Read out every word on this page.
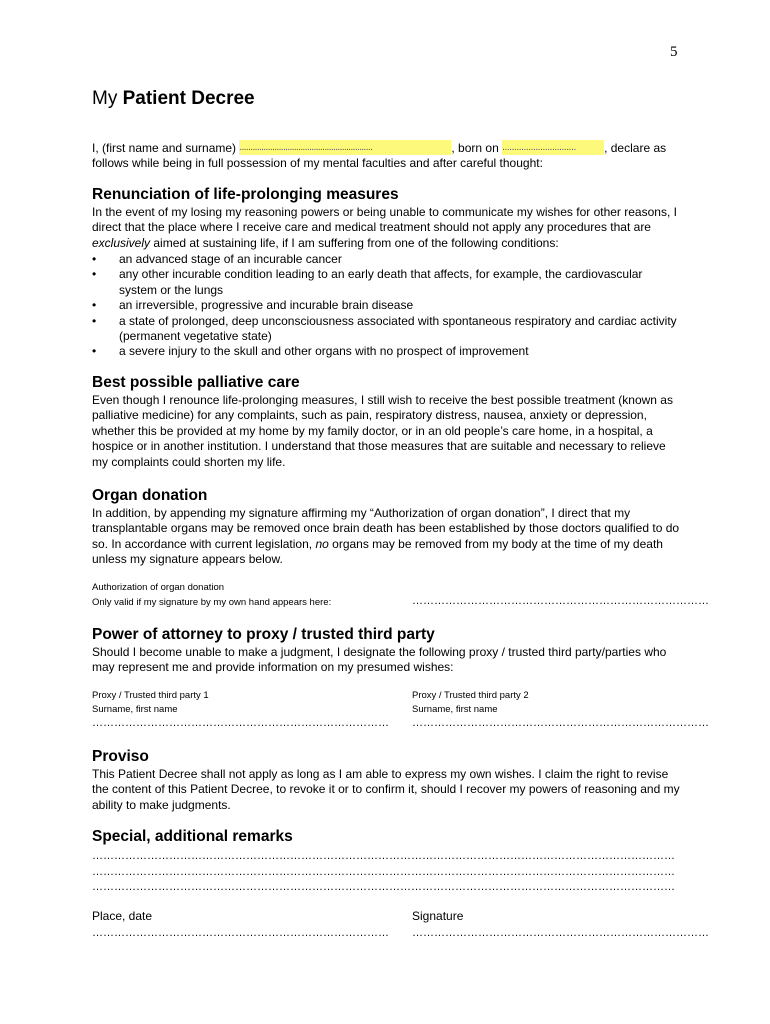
5
My Patient Decree
I, (first name and surname) .............................................................	, born on ............................... , declare as
follows while being in full possession of my mental faculties and after careful thought:
Renunciation of life-prolonging measures
In the event of my losing my reasoning powers or being unable to communicate my wishes for other reasons, I
direct that the place where I receive care and medical treatment should not apply any procedures that are
exclusively aimed at sustaining life, if I am suffering from one of the following conditions:
• an advanced stage of an incurable cancer
• any other incurable condition leading to an early death that affects, for example, the cardiovascular system or the lungs
• an irreversible, progressive and incurable brain disease
• a state of prolonged, deep unconsciousness associated with spontaneous respiratory and cardiac activity (permanent vegetative state)
• a severe injury to the skull and other organs with no prospect of improvement
Best possible palliative care
Even though I renounce life-prolonging measures, I still wish to receive the best possible treatment (known as palliative medicine) for any complaints, such as pain, respiratory distress, nausea, anxiety or depression, whether this be provided at my home by my family doctor, or in an old people’s care home, in a hospital, a hospice or in another institution. I understand that those measures that are suitable and necessary to relieve my complaints could shorten my life.
Organ donation
In addition, by appending my signature affirming my “Authorization of organ donation”, I direct that my transplantable organs may be removed once brain death has been established by those doctors qualified to do so. In accordance with current legislation, no organs may be removed from my body at the time of my death unless my signature appears below.
Authorization of organ donation
Only valid if my signature by my own hand appears here:	………………………………………………………………………
Power of attorney to proxy / trusted third party
Should I become unable to make a judgment, I designate the following proxy / trusted third party/parties who may represent me and provide information on my presumed wishes:
Proxy / Trusted third party 1
Surname, first name
………………………………………………………………………
Proxy / Trusted third party 2
Surname, first name
………………………………………………………………………
Proviso
This Patient Decree shall not apply as long as I am able to express my own wishes. I claim the right to revise the content of this Patient Decree, to revoke it or to confirm it, should I recover my powers of reasoning and my ability to make judgments.
Special, additional remarks
……………………………………………………………………………………………………………………………………………
……………………………………………………………………………………………………………………………………………
……………………………………………………………………………………………………………………………………………
Place, date
………………………………………………………………………
Signature
………………………………………………………………………
